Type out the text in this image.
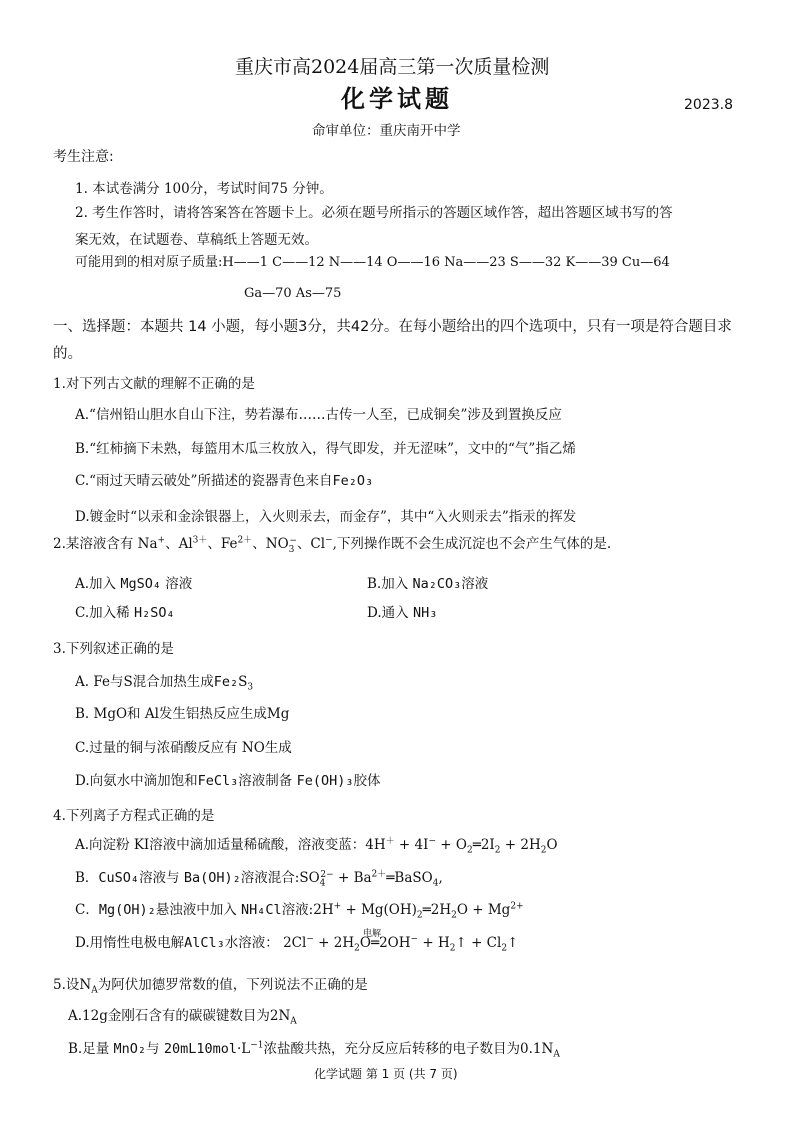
重庆市高2024届高三第一次质量检测
化学试题	2023.8
命审单位：重庆南开中学
考生注意:
1. 本试卷满分 100分，考试时间75 分钟。
2. 考生作答时，请将答案答在答题卡上。必须在题号所指示的答题区域作答，超出答题区域书写的答
案无效，在试题卷、草稿纸上答题无效。
可能用到的相对原子质量:H——1 C——12 N——14 O——16 Na——23 S——32 K——39 Cu—64
Ga—70 As—75
一、选择题：本题共 14 小题，每小题3分，共42分。在每小题给出的四个选项中，只有一项是符合题目求
的。
1.对下列古文献的理解不正确的是
A.“信州铅山胆水自山下注，势若瀑布……古传一人至，已成铜矣”涉及到置换反应
B.“红柿摘下未熟，每篮用木瓜三枚放入，得气即发，并无涩味”，文中的“气”指乙烯
C.“雨过天晴云破处”所描述的瓷器青色来自Fe₂O₃
D.镀金时“以汞和金涂银器上，入火则汞去，而金存”，其中“入火则汞去”指汞的挥发
2.某溶液含有 Na+、$Al^{3+}$、$Fe^{2+}$、$NO_3^-$、Cl−,下列操作既不会生成沉淀也不会产生气体的是.
A.加入 MgSO₄ 溶液	B.加入 Na₂CO₃溶液
C.加入稀 H₂SO₄	D.通入 NH₃
3.下列叙述正确的是
A. Fe与S混合加热生成$Fe_2S_3$
B. MgO和 Al发生铝热反应生成Mg
C.过量的铜与浓硝酸反应有 NO生成
D.向氨水中滴加饱和FeCl₃溶液制备 Fe(OH)₃胶体
4.下列离子方程式正确的是
A.向淀粉 KI溶液中滴加适量稀硫酸，溶液变蓝：$4H^+ + 4I^- + O_2═2I_2 + 2H_2O$
B．CuSO₄溶液与 Ba(OH)₂溶液混合$:SO_4^{2-}$ + $Ba^{2+}═BaSO_4$,
C．Mg(OH)₂悬浊液中加入 NH₄Cl溶液:2H+ + $Mg(OH)_2═2H_2O + Mg^{2+}$
D.用惰性电极电解AlCl₃水溶液： $2Cl^- + 2H_2O$
电解
═2OH− + $H_2↑$ + $Cl_2↑$
5.设$N_A$为阿伏加德罗常数的值，下列说法不正确的是
A.12g金刚石含有的碳碳键数目为$2N_A$
B.足量 MnO₂与 $20mL10mol\cdot L^{-1}$浓盐酸共热，充分反应后转移的电子数目为$0.1N_A$
化学试题 第 1 页 (共 7 页)
